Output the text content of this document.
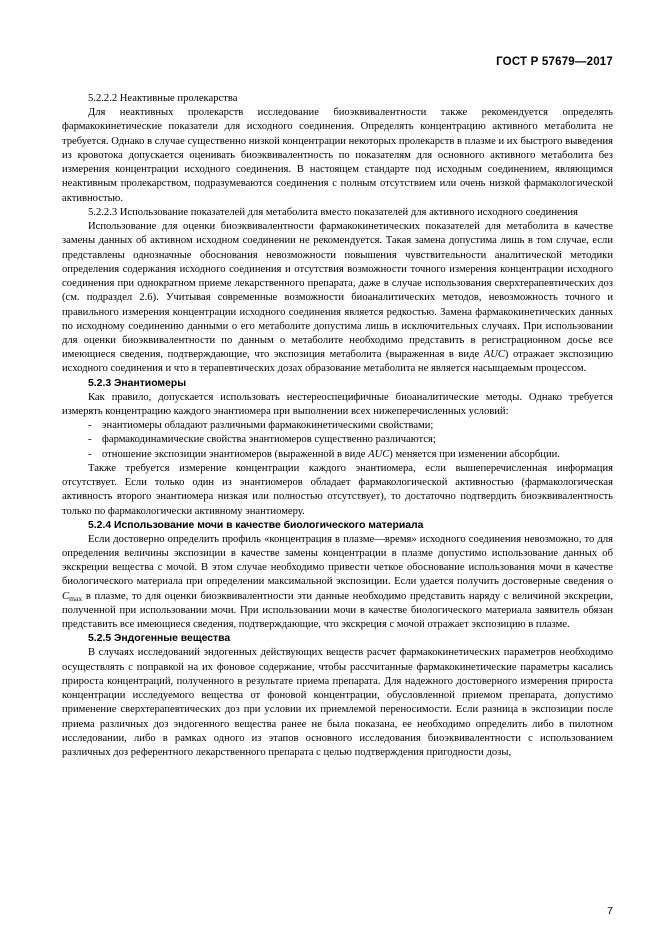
ГОСТ Р 57679—2017

5.2.2.2 Неактивные пролекарства

Для неактивных пролекарств исследование биоэквивалентности также рекомендуется определять фармакокинетические показатели для исходного соединения. Определять концентрацию активного метаболита не требуется. Однако в случае существенно низкой концентрации некоторых пролекарств в плазме и их быстрого выведения из кровотока допускается оценивать биоэквивалентность по показателям для основного активного метаболита без измерения концентрации исходного соединения. В настоящем стандарте под исходным соединением, являющимся неактивным пролекарством, подразумеваются соединения с полным отсутствием или очень низкой фармакологической активностью.

5.2.2.3 Использование показателей для метаболита вместо показателей для активного исходного соединения

Использование для оценки биоэквивалентности фармакокинетических показателей для метаболита в качестве замены данных об активном исходном соединении не рекомендуется. Такая замена допустима лишь в том случае, если представлены однозначные обоснования невозможности повышения чувствительности аналитической методики определения содержания исходного соединения и отсутствия возможности точного измерения концентрации исходного соединения при однократном приеме лекарственного препарата, даже в случае использования сверхтерапевтических доз (см. подраздел 2.6). Учитывая современные возможности биоаналитических методов, невозможность точного и правильного измерения концентрации исходного соединения является редкостью. Замена фармакокинетических данных по исходному соединению данными о его метаболите допустима лишь в исключительных случаях. При использовании для оценки биоэквивалентности по данным о метаболите необходимо представить в регистрационном досье все имеющиеся сведения, подтверждающие, что экспозиция метаболита (выраженная в виде AUC) отражает экспозицию исходного соединения и что в терапевтических дозах образование метаболита не является насыщаемым процессом.

5.2.3 Энантиомеры

Как правило, допускается использовать нестереоспецифичные биоаналитические методы. Однако требуется измерять концентрацию каждого энантиомера при выполнении всех нижеперечисленных условий:

- энантиомеры обладают различными фармакокинетическими свойствами;
- фармакодинамические свойства энантиомеров существенно различаются;
- отношение экспозиции энантиомеров (выраженной в виде AUC) меняется при изменении абсорбции.

Также требуется измерение концентрации каждого энантиомера, если вышеперечисленная информация отсутствует. Если только один из энантиомеров обладает фармакологической активностью (фармакологическая активность второго энантиомера низкая или полностью отсутствует), то достаточно подтвердить биоэквивалентность только по фармакологически активному энантиомеру.

5.2.4 Использование мочи в качестве биологического материала

Если достоверно определить профиль «концентрация в плазме—время» исходного соединения невозможно, то для определения величины экспозиции в качестве замены концентрации в плазме допустимо использование данных об экскреции вещества с мочой. В этом случае необходимо привести четкое обоснование использования мочи в качестве биологического материала при определении максимальной экспозиции. Если удается получить достоверные сведения о $C_{max}$ в плазме, то для оценки биоэквивалентности эти данные необходимо представить наряду с величиной экскреции, полученной при использовании мочи. При использовании мочи в качестве биологического материала заявитель обязан представить все имеющиеся сведения, подтверждающие, что экскреция с мочой отражает экспозицию в плазме.

5.2.5 Эндогенные вещества

В случаях исследований эндогенных действующих веществ расчет фармакокинетических параметров необходимо осуществлять с поправкой на их фоновое содержание, чтобы рассчитанные фармакокинетические параметры касались прироста концентраций, полученного в результате приема препарата. Для надежного достоверного измерения прироста концентрации исследуемого вещества от фоновой концентрации, обусловленной приемом препарата, допустимо применение сверхтерапевтических доз при условии их приемлемой переносимости. Если разница в экспозиции после приема различных доз эндогенного вещества ранее не была показана, ее необходимо определить либо в пилотном исследовании, либо в рамках одного из этапов основного исследования биоэквивалентности с использованием различных доз референтного лекарственного препарата с целью подтверждения пригодности дозы,

7
